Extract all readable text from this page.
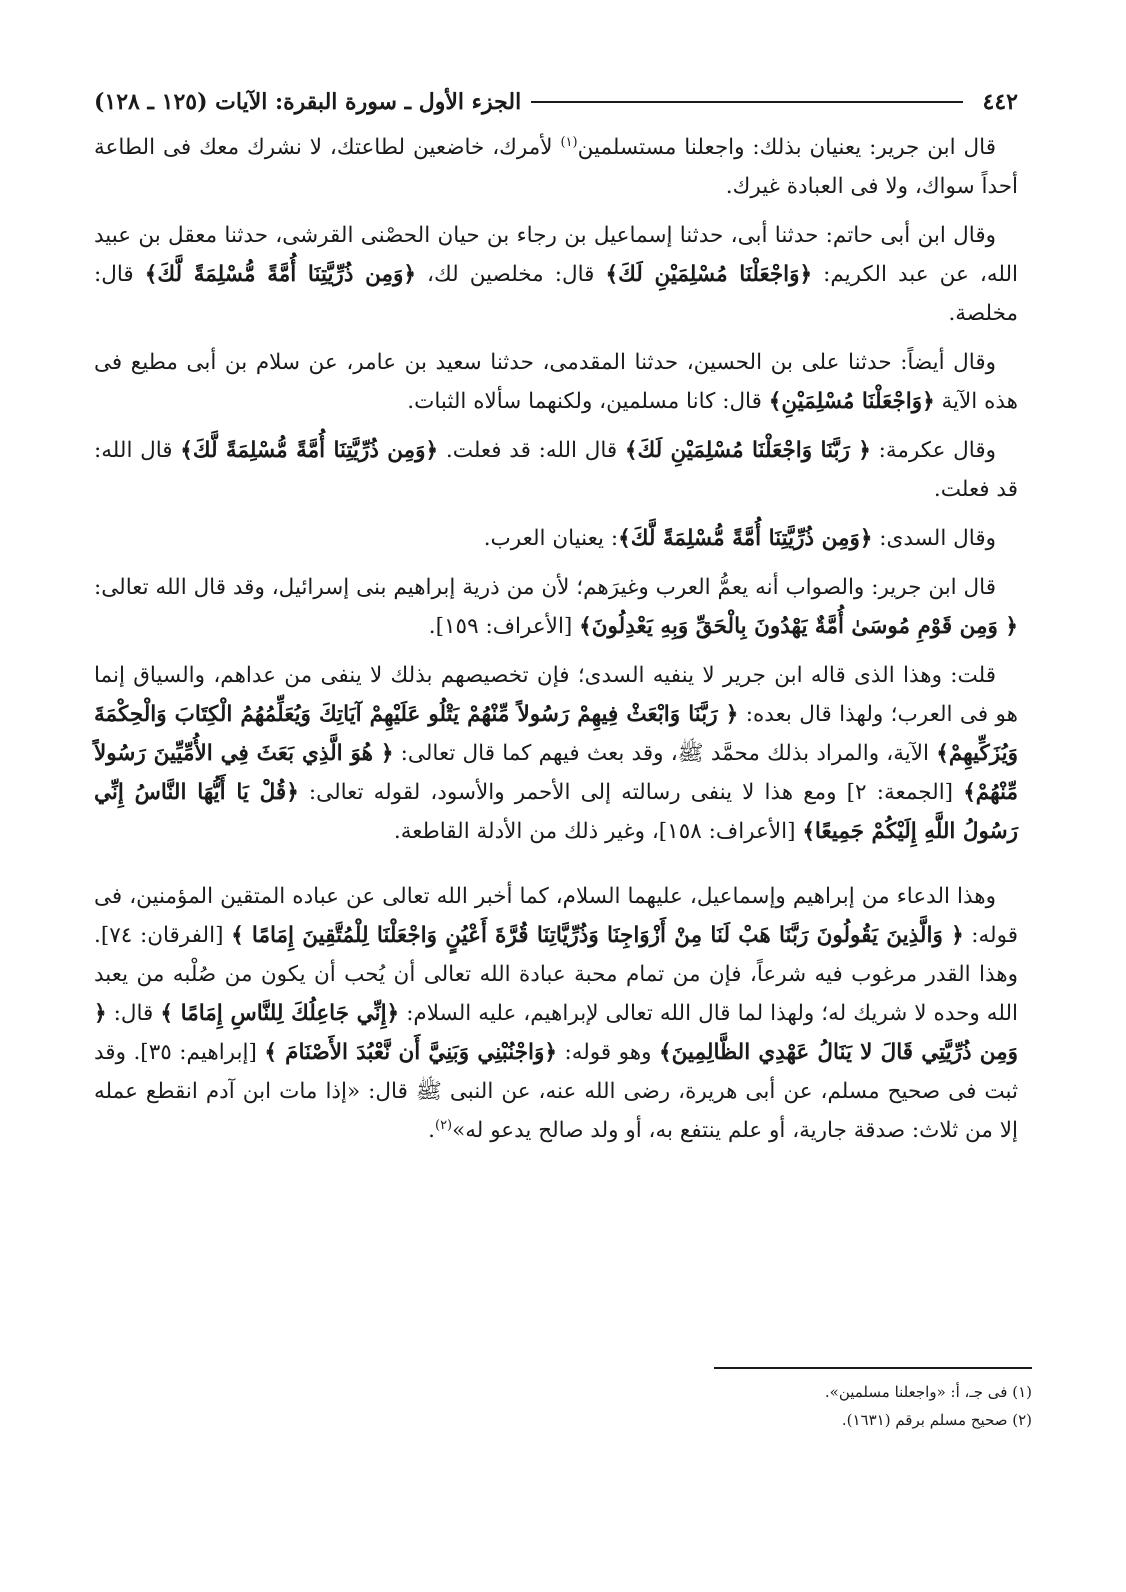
٤٤٢
الجزء الأول ـ سورة البقرة: الآيات (١٢٥ ـ ١٢٨)

قال ابن جرير: يعنيان بذلك: واجعلنا مستسلمين$^{(١)}$ لأمرك، خاضعين لطاعتك، لا نشرك معك فى الطاعة أحداً سواك، ولا فى العبادة غيرك.

وقال ابن أبى حاتم: حدثنا أبى، حدثنا إسماعيل بن رجاء بن حيان الحصْنى القرشى، حدثنا معقل بن عبيد الله، عن عبد الكريم: ﴿وَاجْعَلْنَا مُسْلِمَيْنِ لَكَ﴾ قال: مخلصين لك، ﴿وَمِن ذُرِّيَّتِنَا أُمَّةً مُّسْلِمَةً لَّكَ﴾ قال: مخلصة.

وقال أيضاً: حدثنا على بن الحسين، حدثنا المقدمى، حدثنا سعيد بن عامر، عن سلام بن أبى مطيع فى هذه الآية ﴿وَاجْعَلْنَا مُسْلِمَيْنِ﴾ قال: كانا مسلمين، ولكنهما سألاه الثبات.

وقال عكرمة: ﴿ رَبَّنَا وَاجْعَلْنَا مُسْلِمَيْنِ لَكَ﴾ قال الله: قد فعلت. ﴿وَمِن ذُرِّيَّتِنَا أُمَّةً مُّسْلِمَةً لَّكَ﴾ قال الله: قد فعلت.

وقال السدى: ﴿وَمِن ذُرِّيَّتِنَا أُمَّةً مُّسْلِمَةً لَّكَ﴾: يعنيان العرب.

قال ابن جرير: والصواب أنه يعمُّ العرب وغيرَهم؛ لأن من ذرية إبراهيم بنى إسرائيل، وقد قال الله تعالى: ﴿ وَمِن قَوْمِ مُوسَىٰ أُمَّةٌ يَهْدُونَ بِالْحَقِّ وَبِهِ يَعْدِلُونَ﴾ [الأعراف: ١٥٩].

قلت: وهذا الذى قاله ابن جرير لا ينفيه السدى؛ فإن تخصيصهم بذلك لا ينفى من عداهم، والسياق إنما هو فى العرب؛ ولهذا قال بعده: ﴿ رَبَّنَا وَابْعَثْ فِيهِمْ رَسُولاً مِّنْهُمْ يَتْلُو عَلَيْهِمْ آيَاتِكَ وَيُعَلِّمُهُمُ الْكِتَابَ وَالْحِكْمَةَ وَيُزَكِّيهِمْ﴾ الآية، والمراد بذلك محمَّد ﷺ، وقد بعث فيهم كما قال تعالى: ﴿ هُوَ الَّذِي بَعَثَ فِي الأُمِّيِّينَ رَسُولاً مِّنْهُمْ﴾ [الجمعة: ٢] ومع هذا لا ينفى رسالته إلى الأحمر والأسود، لقوله تعالى: ﴿قُلْ يَا أَيُّهَا النَّاسُ إِنِّي رَسُولُ اللَّهِ إِلَيْكُمْ جَمِيعًا﴾ [الأعراف: ١٥٨]، وغير ذلك من الأدلة القاطعة.

وهذا الدعاء من إبراهيم وإسماعيل، عليهما السلام، كما أخبر الله تعالى عن عباده المتقين المؤمنين، فى قوله: ﴿ وَالَّذِينَ يَقُولُونَ رَبَّنَا هَبْ لَنَا مِنْ أَزْوَاجِنَا وَذُرِّيَّاتِنَا قُرَّةَ أَعْيُنٍ وَاجْعَلْنَا لِلْمُتَّقِينَ إِمَامًا ﴾ [الفرقان: ٧٤]. وهذا القدر مرغوب فيه شرعاً، فإن من تمام محبة عبادة الله تعالى أن يُحب أن يكون من صُلْبه من يعبد الله وحده لا شريك له؛ ولهذا لما قال الله تعالى لإبراهيم، عليه السلام: ﴿إِنِّي جَاعِلُكَ لِلنَّاسِ إِمَامًا ﴾ قال: ﴿ وَمِن ذُرِّيَّتِي قَالَ لا يَنَالُ عَهْدِي الظَّالِمِينَ﴾ وهو قوله: ﴿وَاجْنُبْنِي وَبَنِيَّ أَن نَّعْبُدَ الأَصْنَامَ ﴾ [إبراهيم: ٣٥]. وقد ثبت فى صحيح مسلم، عن أبى هريرة، رضى الله عنه، عن النبى ﷺ قال: «إذا مات ابن آدم انقطع عمله إلا من ثلاث: صدقة جارية، أو علم ينتفع به، أو ولد صالح يدعو له»$^{(٢)}$.

(١) فى جـ، أ: «واجعلنا مسلمين».

(٢) صحيح مسلم برقم (١٦٣١).
